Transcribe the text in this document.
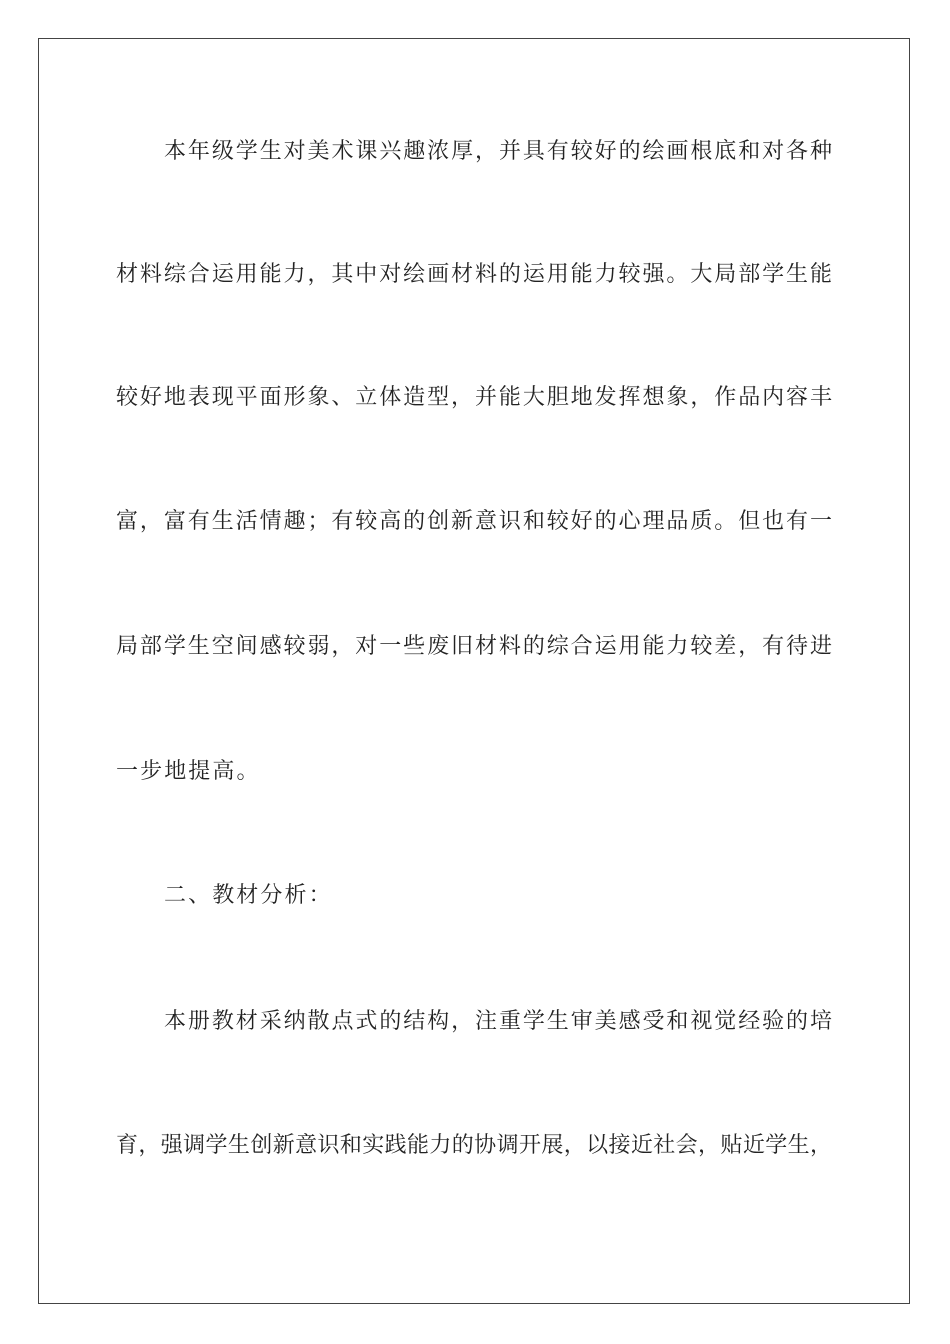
本年级学生对美术课兴趣浓厚，并具有较好的绘画根底和对各种
材料综合运用能力，其中对绘画材料的运用能力较强。大局部学生能
较好地表现平面形象、立体造型，并能大胆地发挥想象，作品内容丰
富，富有生活情趣；有较高的创新意识和较好的心理品质。但也有一
局部学生空间感较弱，对一些废旧材料的综合运用能力较差，有待进
一步地提高。
二、教材分析：
本册教材采纳散点式的结构，注重学生审美感受和视觉经验的培
育，强调学生创新意识和实践能力的协调开展，以接近社会，贴近学生，
